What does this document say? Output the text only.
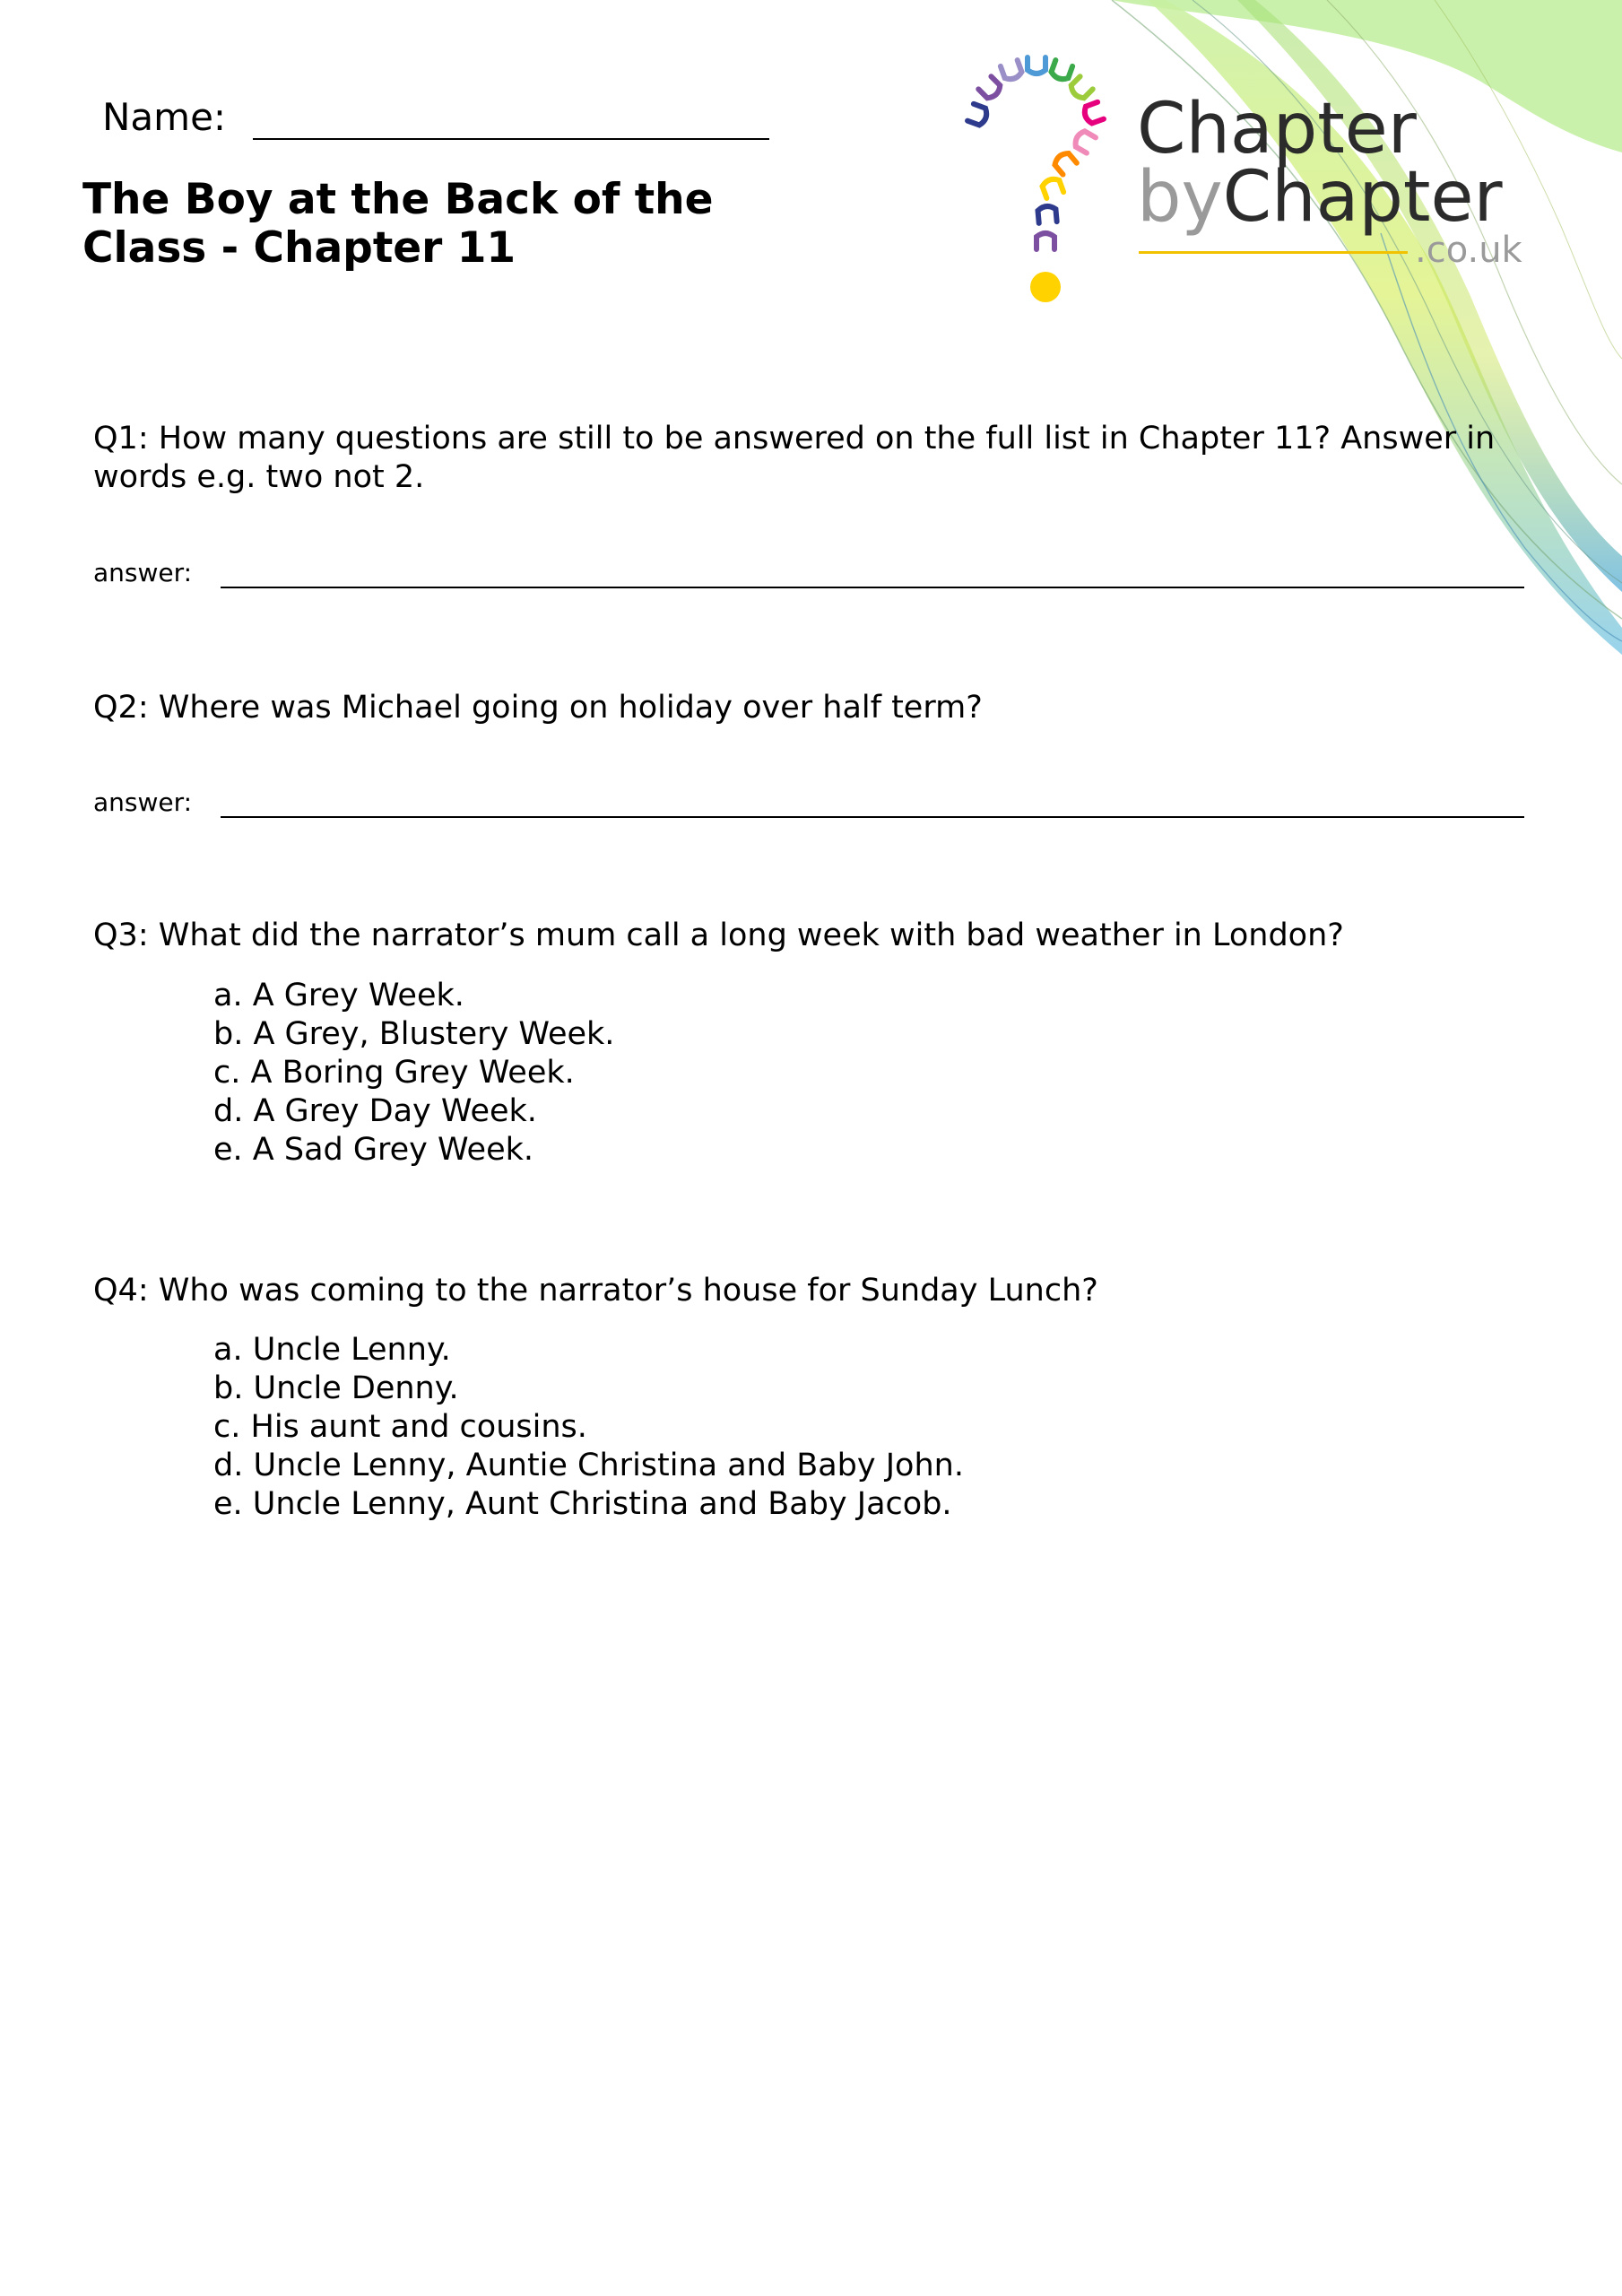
Name:
The Boy at the Back of the
Class - Chapter 11
Chapter
byChapter
.co.uk

Q1: How many questions are still to be answered on the full list in Chapter 11? Answer in words e.g. two not 2.

answer:

Q2: Where was Michael going on holiday over half term?

answer:

Q3: What did the narrator’s mum call a long week with bad weather in London?

a. A Grey Week.
b. A Grey, Blustery Week.
c. A Boring Grey Week.
d. A Grey Day Week.
e. A Sad Grey Week.

Q4: Who was coming to the narrator’s house for Sunday Lunch?

a. Uncle Lenny.
b. Uncle Denny.
c. His aunt and cousins.
d. Uncle Lenny, Auntie Christina and Baby John.
e. Uncle Lenny, Aunt Christina and Baby Jacob.
